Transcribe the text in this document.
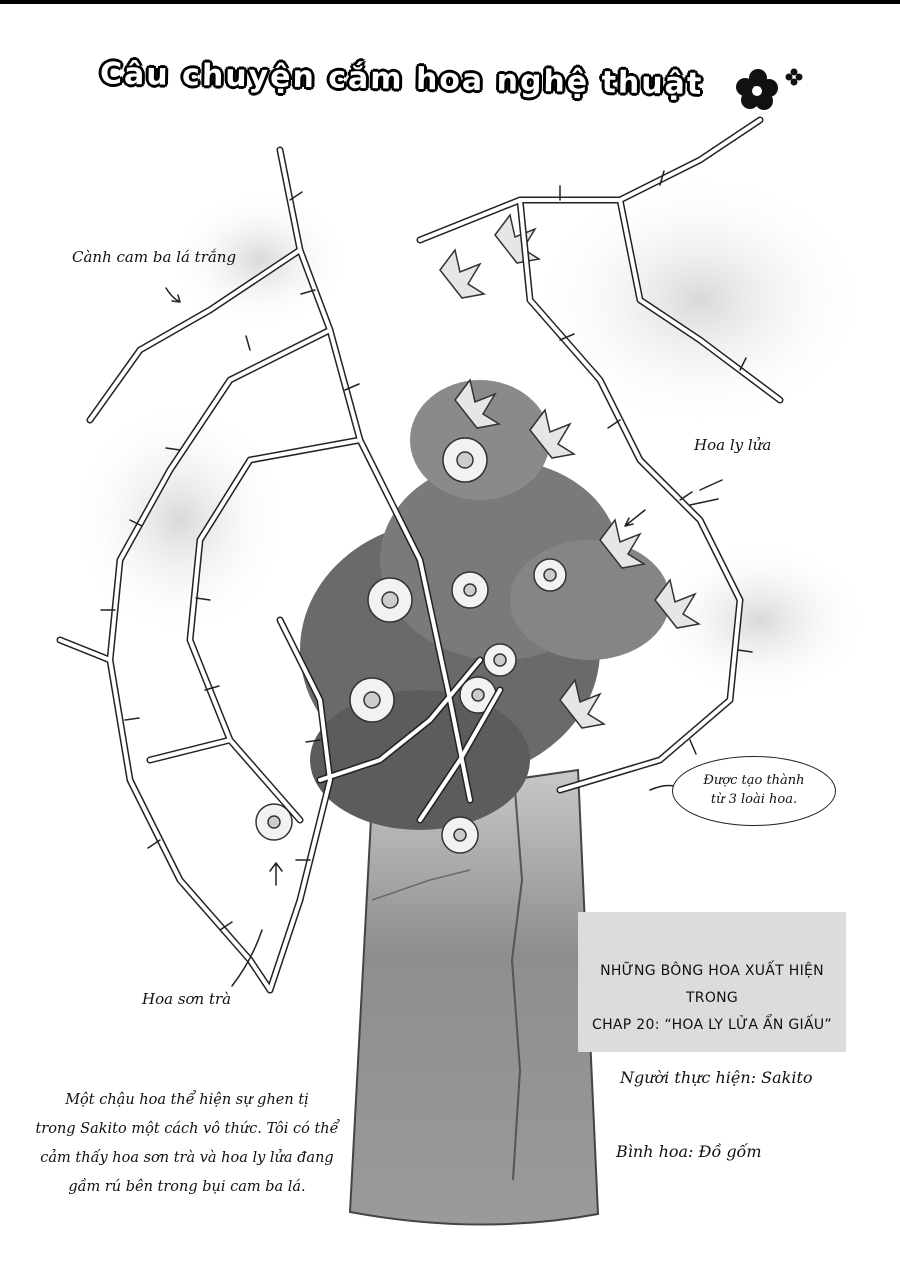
Câu chuyện cắm hoa nghệ thuật
Cành cam ba lá trắng
Hoa ly lửa
Hoa sơn trà
Được tạo thành
từ 3 loài hoa.
NHỮNG BÔNG HOA XUẤT HIỆN TRONG
CHAP 20: “HOA LY LỬA ẨN GIẤU”
Người thực hiện: Sakito
Bình hoa: Đồ gốm
Một chậu hoa thể hiện sự ghen tị
trong Sakito một cách vô thức. Tôi có thể
cảm thấy hoa sơn trà và hoa ly lửa đang
gầm rú bên trong bụi cam ba lá.
